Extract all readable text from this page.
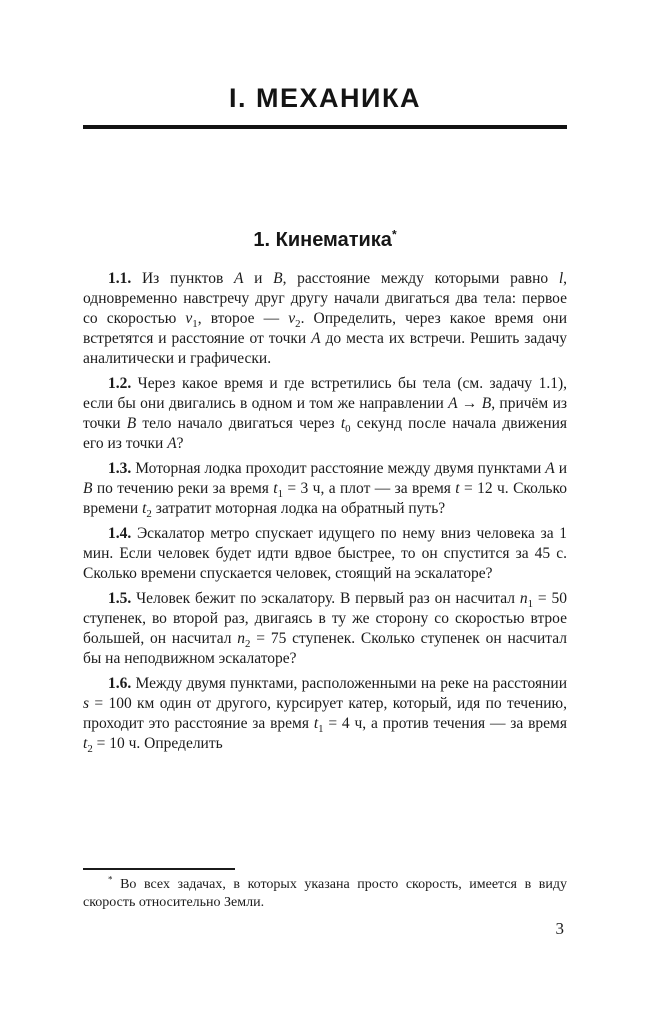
I. МЕХАНИКА
1. Кинематика*

1.1. Из пунктов A и B, расстояние между которыми равно l, одновременно навстречу друг другу начали двигаться два тела: первое со скоростью $v_1$, второе — $v_2$. Определить, через какое время они встретятся и расстояние от точки A до места их встречи. Решить задачу аналитически и графически.

1.2. Через какое время и где встретились бы тела (см. задачу 1.1), если бы они двигались в одном и том же направлении A → B, причём из точки B тело начало двигаться через $t_0$ секунд после начала движения его из точки A?

1.3. Моторная лодка проходит расстояние между двумя пунктами A и B по течению реки за время $t_1 = 3$ ч, а плот — за время t = 12 ч. Сколько времени $t_2$ затратит моторная лодка на обратный путь?

1.4. Эскалатор метро спускает идущего по нему вниз человека за 1 мин. Если человек будет идти вдвое быстрее, то он спустится за 45 с. Сколько времени спускается человек, стоящий на эскалаторе?

1.5. Человек бежит по эскалатору. В первый раз он насчитал $n_1 = 50$ ступенек, во второй раз, двигаясь в ту же сторону со скоростью втрое большей, он насчитал $n_2 = 75$ ступенек. Сколько ступенек он насчитал бы на неподвижном эскалаторе?

1.6. Между двумя пунктами, расположенными на реке на расстоянии s = 100 км один от другого, курсирует катер, который, идя по течению, проходит это расстояние за время $t_1 = 4$ ч, а против течения — за время $t_2 = 10$ ч. Определить

* Во всех задачах, в которых указана просто скорость, имеется в виду скорость относительно Земли.

3
